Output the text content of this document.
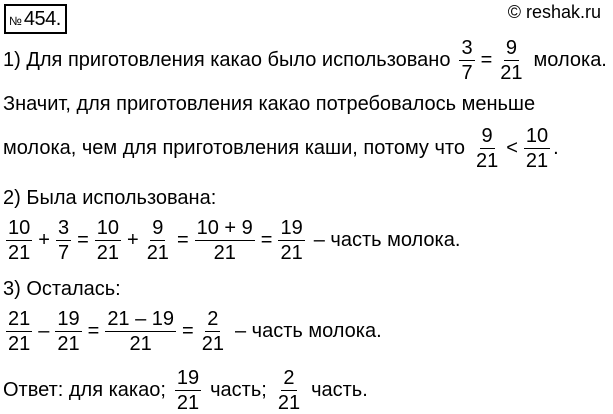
№ 454.	© reshak.ru
1) Для приготовления какао было использовано $\frac{3}{7} = \frac{9}{21}$ молока.
Значит, для приготовления какао потребовалось меньше
молока, чем для приготовления каши, потому что $\frac{9}{21} < \frac{10}{21}$ .
2) Была использована:
$\frac{10}{21} + \frac{3}{7} = \frac{10}{21} + \frac{9}{21} = \frac{10 + 9}{21} = \frac{19}{21}$ – часть молока.
3) Осталась:
$\frac{21}{21} - \frac{19}{21} = \frac{21 - 19}{21} = \frac{2}{21}$ – часть молока.
Ответ: для какао; $\frac{19}{21}$ часть; $\frac{2}{21}$ часть.
